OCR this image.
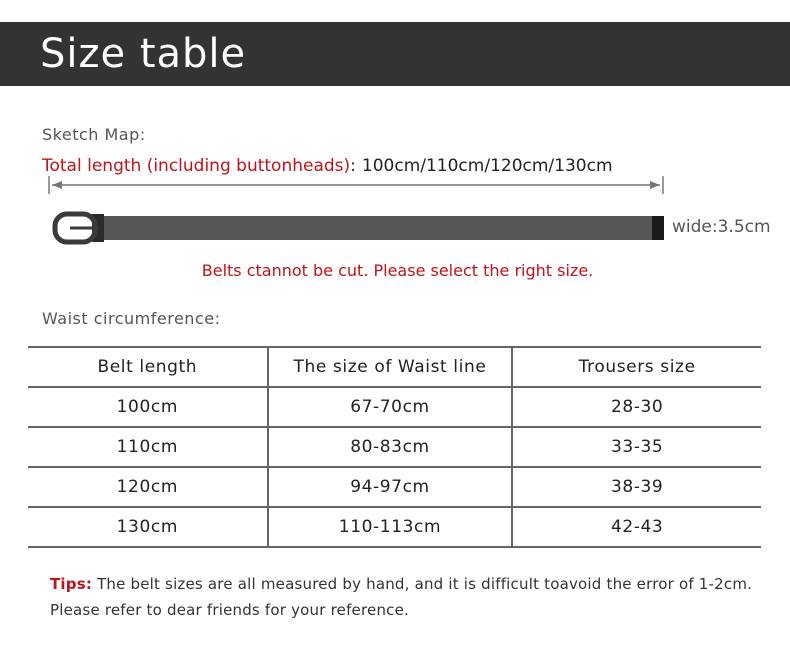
Size table
Sketch Map:
Total length (including buttonheads): 100cm/110cm/120cm/130cm
wide:3.5cm
Belts ctannot be cut. Please select the right size.
Waist circumference:
Belt length	The size of Waist line	Trousers size
100cm	67-70cm	28-30
110cm	80-83cm	33-35
120cm	94-97cm	38-39
130cm	110-113cm	42-43
Tips: The belt sizes are all measured by hand, and it is difficult toavoid the error of 1-2cm.
Please refer to dear friends for your reference.
